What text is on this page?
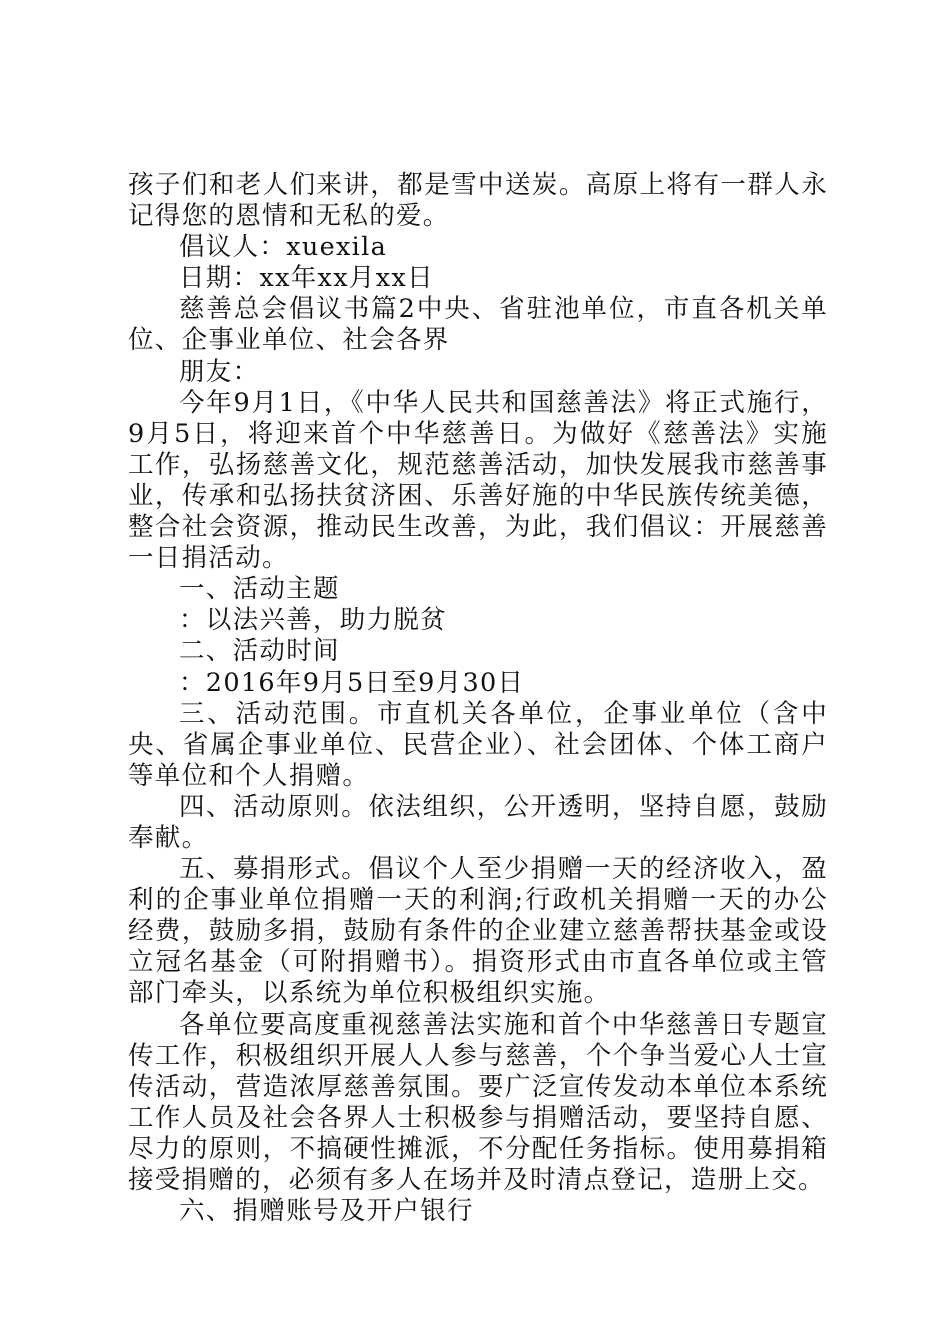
孩子们和老人们来讲，都是雪中送炭。高原上将有一群人永记得您的恩情和无私的爱。

倡议人：xuexila

日期：xx年xx月xx日

慈善总会倡议书篇2中央、省驻池单位，市直各机关单位、企事业单位、社会各界

朋友：

今年9月1日，《中华人民共和国慈善法》将正式施行，9月5日，将迎来首个中华慈善日。为做好《慈善法》实施工作，弘扬慈善文化，规范慈善活动，加快发展我市慈善事业，传承和弘扬扶贫济困、乐善好施的中华民族传统美德，整合社会资源，推动民生改善，为此，我们倡议：开展慈善一日捐活动。

一、活动主题

：以法兴善，助力脱贫

二、活动时间

：2016年9月5日至9月30日

三、活动范围。市直机关各单位，企事业单位（含中央、省属企事业单位、民营企业）、社会团体、个体工商户等单位和个人捐赠。

四、活动原则。依法组织，公开透明，坚持自愿，鼓励奉献。

五、募捐形式。倡议个人至少捐赠一天的经济收入，盈利的企事业单位捐赠一天的利润;行政机关捐赠一天的办公经费，鼓励多捐，鼓励有条件的企业建立慈善帮扶基金或设立冠名基金（可附捐赠书）。捐资形式由市直各单位或主管部门牵头，以系统为单位积极组织实施。

各单位要高度重视慈善法实施和首个中华慈善日专题宣传工作，积极组织开展人人参与慈善，个个争当爱心人士宣传活动，营造浓厚慈善氛围。要广泛宣传发动本单位本系统工作人员及社会各界人士积极参与捐赠活动，要坚持自愿、尽力的原则，不搞硬性摊派，不分配任务指标。使用募捐箱接受捐赠的，必须有多人在场并及时清点登记，造册上交。

六、捐赠账号及开户银行
